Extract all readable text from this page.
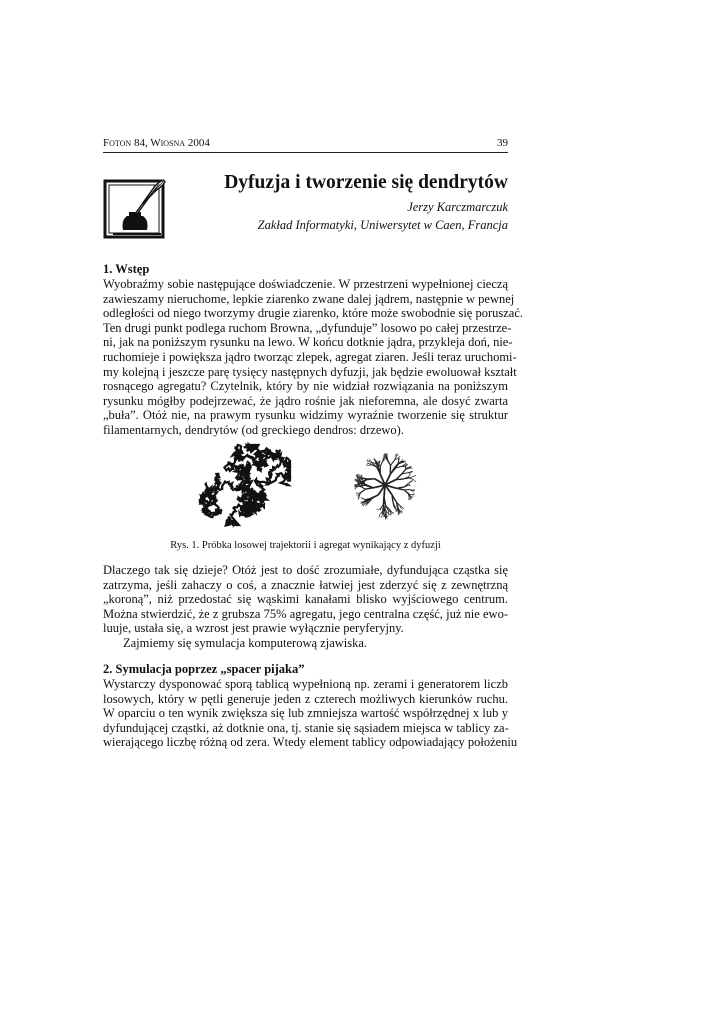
Foton 84, Wiosna 2004	39
Dyfuzja i tworzenie się dendrytów
Jerzy Karczmarczuk
Zakład Informatyki, Uniwersytet w Caen, Francja
1. Wstęp
Wyobraźmy sobie następujące doświadczenie. W przestrzeni wypełnionej cieczą
zawieszamy nieruchome, lepkie ziarenko zwane dalej jądrem, następnie w pewnej
odległości od niego tworzymy drugie ziarenko, które może swobodnie się poruszać.
Ten drugi punkt podlega ruchom Browna, „dyfunduje” losowo po całej przestrze-
ni, jak na poniższym rysunku na lewo. W końcu dotknie jądra, przykleja doń, nie-
ruchomieje i powiększa jądro tworząc zlepek, agregat ziaren. Jeśli teraz uruchomi-
my kolejną i jeszcze parę tysięcy następnych dyfuzji, jak będzie ewoluował kształt
rosnącego agregatu? Czytelnik, który by nie widział rozwiązania na poniższym
rysunku mógłby podejrzewać, że jądro rośnie jak nieforemna, ale dosyć zwarta
„buła”. Otóż nie, na prawym rysunku widzimy wyraźnie tworzenie się struktur
filamentarnych, dendrytów (od greckiego dendros: drzewo).
Rys. 1. Próbka losowej trajektorii i agregat wynikający z dyfuzji
Dlaczego tak się dzieje? Otóż jest to dość zrozumiałe, dyfundująca cząstka się
zatrzyma, jeśli zahaczy o coś, a znacznie łatwiej jest zderzyć się z zewnętrzną
„koroną”, niż przedostać się wąskimi kanałami blisko wyjściowego centrum.
Można stwierdzić, że z grubsza 75% agregatu, jego centralna część, już nie ewo-
luuje, ustała się, a wzrost jest prawie wyłącznie peryferyjny.
Zajmiemy się symulacja komputerową zjawiska.
2. Symulacja poprzez „spacer pijaka”
Wystarczy dysponować sporą tablicą wypełnioną np. zerami i generatorem liczb
losowych, który w pętli generuje jeden z czterech możliwych kierunków ruchu.
W oparciu o ten wynik zwiększa się lub zmniejsza wartość współrzędnej x lub y
dyfundującej cząstki, aż dotknie ona, tj. stanie się sąsiadem miejsca w tablicy za-
wierającego liczbę różną od zera. Wtedy element tablicy odpowiadający położeniu
